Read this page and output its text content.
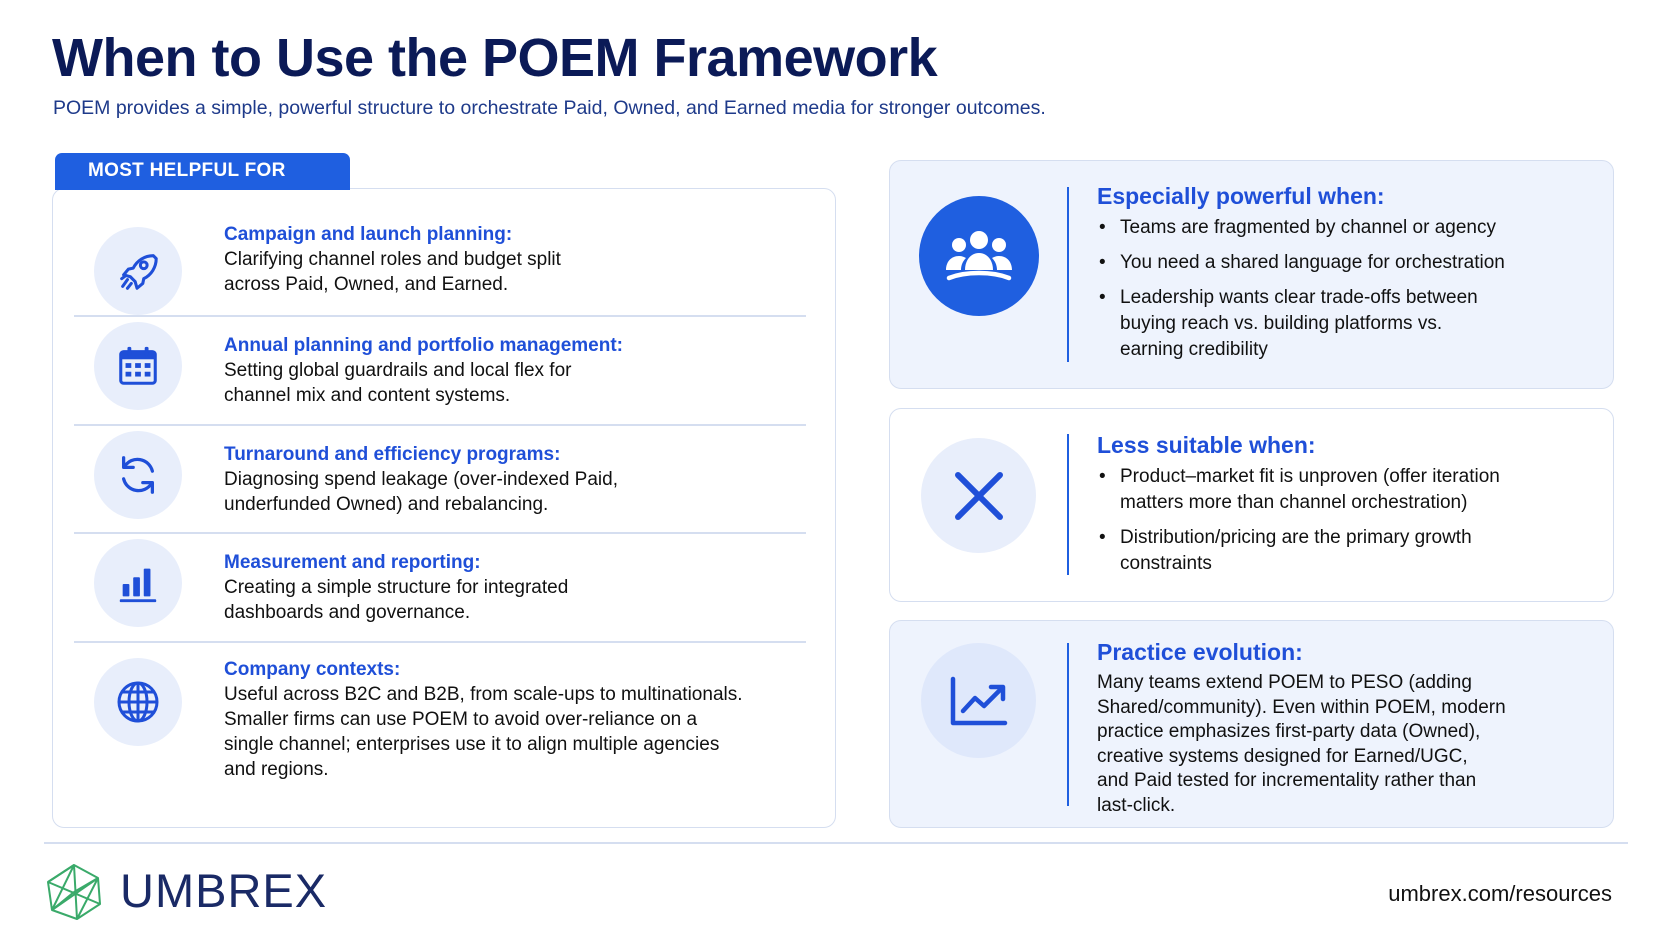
When to Use the POEM Framework
POEM provides a simple, powerful structure to orchestrate Paid, Owned, and Earned media for stronger outcomes.
MOST HELPFUL FOR
Campaign and launch planning:
Clarifying channel roles and budget split
across Paid, Owned, and Earned.
Annual planning and portfolio management:
Setting global guardrails and local flex for
channel mix and content systems.
Turnaround and efficiency programs:
Diagnosing spend leakage (over-indexed Paid,
underfunded Owned) and rebalancing.
Measurement and reporting:
Creating a simple structure for integrated
dashboards and governance.
Company contexts:
Useful across B2C and B2B, from scale-ups to multinationals.
Smaller firms can use POEM to avoid over-reliance on a
single channel; enterprises use it to align multiple agencies
and regions.
Especially powerful when:
• Teams are fragmented by channel or agency
• You need a shared language for orchestration
• Leadership wants clear trade-offs between
buying reach vs. building platforms vs.
earning credibility
Less suitable when:
• Product–market fit is unproven (offer iteration
matters more than channel orchestration)
• Distribution/pricing are the primary growth
constraints
Practice evolution:

Many teams extend POEM to PESO (adding
Shared/community). Even within POEM, modern
practice emphasizes first-party data (Owned),
creative systems designed for Earned/UGC,
and Paid tested for incrementality rather than
last-click.

UMBREX	umbrex.com/resources
